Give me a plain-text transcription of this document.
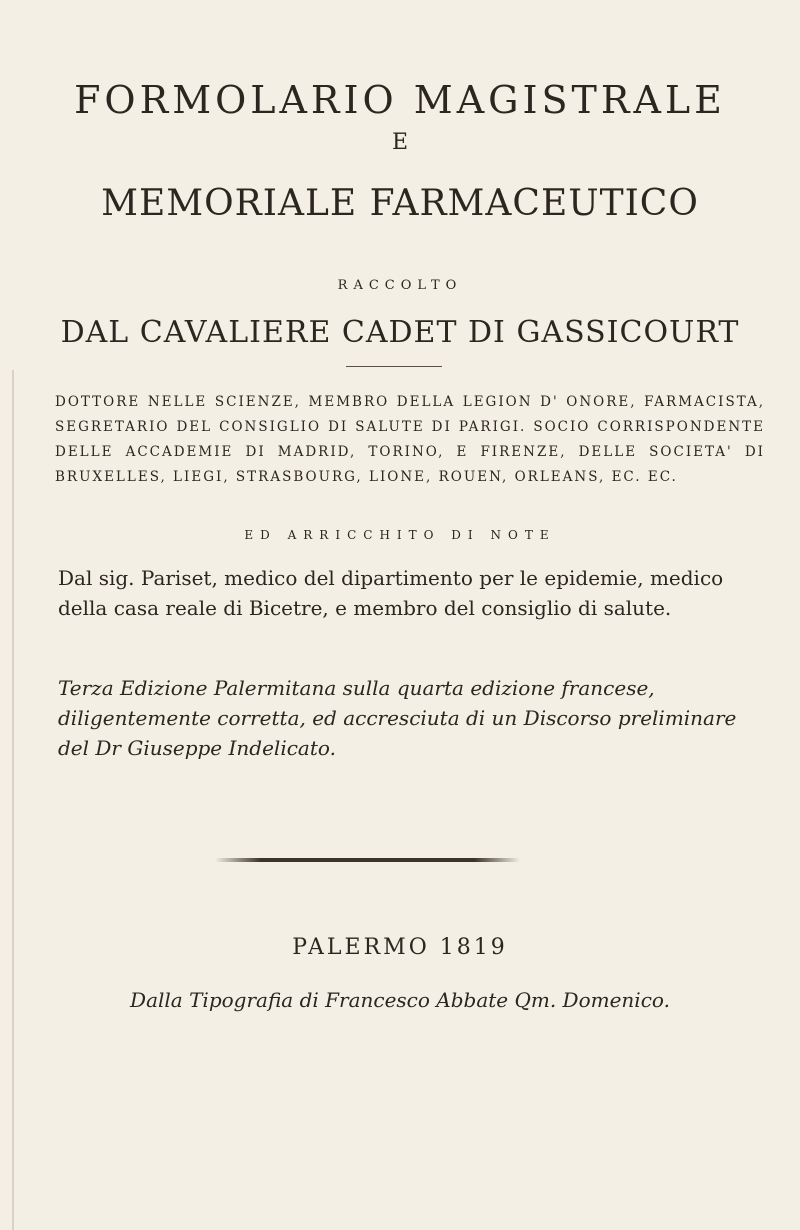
FORMOLARIO MAGISTRALE
E
MEMORIALE FARMACEUTICO
RACCOLTO
DAL CAVALIERE CADET DI GASSICOURT
DOTTORE NELLE SCIENZE, MEMBRO DELLA LEGION D' ONORE, FARMACISTA, SEGRETARIO DEL CONSIGLIO DI SALUTE DI PARIGI. SOCIO CORRISPONDENTE DELLE ACCADEMIE DI MADRID, TORINO, E FIRENZE, DELLE SOCIETA' DI BRUXELLES, LIEGI, STRASBOURG, LIONE, ROUEN, ORLEANS, EC. EC.
ED ARRICCHITO DI NOTE
Dal sig. Pariset, medico del dipartimento per le epidemie, medico della casa reale di Bicetre, e membro del consiglio di salute.
Terza Edizione Palermitana sulla quarta edizione francese, diligentemente corretta, ed accresciuta di un Discorso preliminare del Dr Giuseppe Indelicato.
PALERMO 1819
Dalla Tipografia di Francesco Abbate Qm. Domenico.
